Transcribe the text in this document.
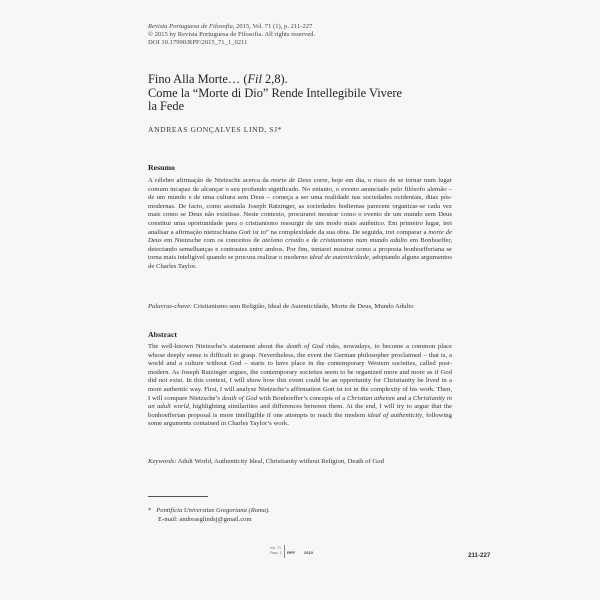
Revista Portuguesa de Filosofia, 2015, Vol. 71 (1), p. 211-227
© 2015 by Revista Portuguesa de Filosofia. All rights reserved.
DOI 10.17990/RPF/2015_71_1_0211
Fino Alla Morte… (Fil 2,8).
Come la “Morte di Dio” Rende Intellegibile Vivere
la Fede
ANDREAS GONÇALVES LIND, SJ*
Resumo
A célebre afirmação de Nietzsche acerca da morte de Deus corre, hoje em dia, o risco de se tornar num lugar comum incapaz de alcançar o seu profundo significado. No entanto, o evento anunciado pelo filósofo alemão – de um mundo e de uma cultura sem Deus – começa a ser uma realidade nas sociedades ocidentais, ditas pós-modernas. De facto, como assinala Joseph Ratzinger, as sociedades hodiernas parecem organizar-se cada vez mais como se Deus não existisse. Neste contexto, procurarei mostrar como o evento de um mundo sem Deus constitui uma oportunidade para o cristianismo ressurgir de um modo mais autêntico. Em primeiro lugar, irei analisar a afirmação nietzschiana Gott ist to” na complexidade da sua obra. De seguida, irei comparar a morte de Deus em Nietzsche com os conceitos de ateísmo cristão e de cristianismo num mundo adulto em Bonhoeffer, detectando semelhanças e contrastes entre ambos. Por fim, tentarei mostrar como a proposta bonhoefferiana se torna mais inteligível quando se procura realizar o moderno ideal de autenticidade, adoptando alguns argumentos de Charles Taylor.
Palavras-chave: Cristianismo sem Religião, Ideal de Autenticidade, Morte de Deus, Mundo Adulto
Abstract
The well-known Nietzsche’s statement about the death of God risks, nowadays, to become a common place whose deeply sense is difficult to grasp. Nevertheless, the event the German philosopher proclaimed – that is, a world and a culture without God – starts to have place in the contemporary Western societies, called post-modern. As Joseph Ratzinger argues, the contemporary societies seem to be organized more and more as if God did not exist. In this context, I will show how this event could be an opportunity for Christianity be lived in a more authentic way. First, I will analyse Nietzsche’s affirmation Gott ist tot in the complexity of his work. Then, I will compare Nietzsche’s death of God with Bonhoeffer’s concepts of a Christian atheism and a Christianity in an adult world, highlighting similarities and differences between them. At the end, I will try to argue that the bonhoefferian proposal is more intelligible if one attempts to reach the modern ideal of authenticity, following some arguments contained in Charles Taylor’s work.
Keywords: Adult World, Authenticity Ideal, Christianity without Religion, Death of God
*   Pontifícia Universitas Gregoriana (Roma).
E-mail: andreasglindsj@gmail.com
Vol. 71
Fasc. 1 RPF 2015	211-227
